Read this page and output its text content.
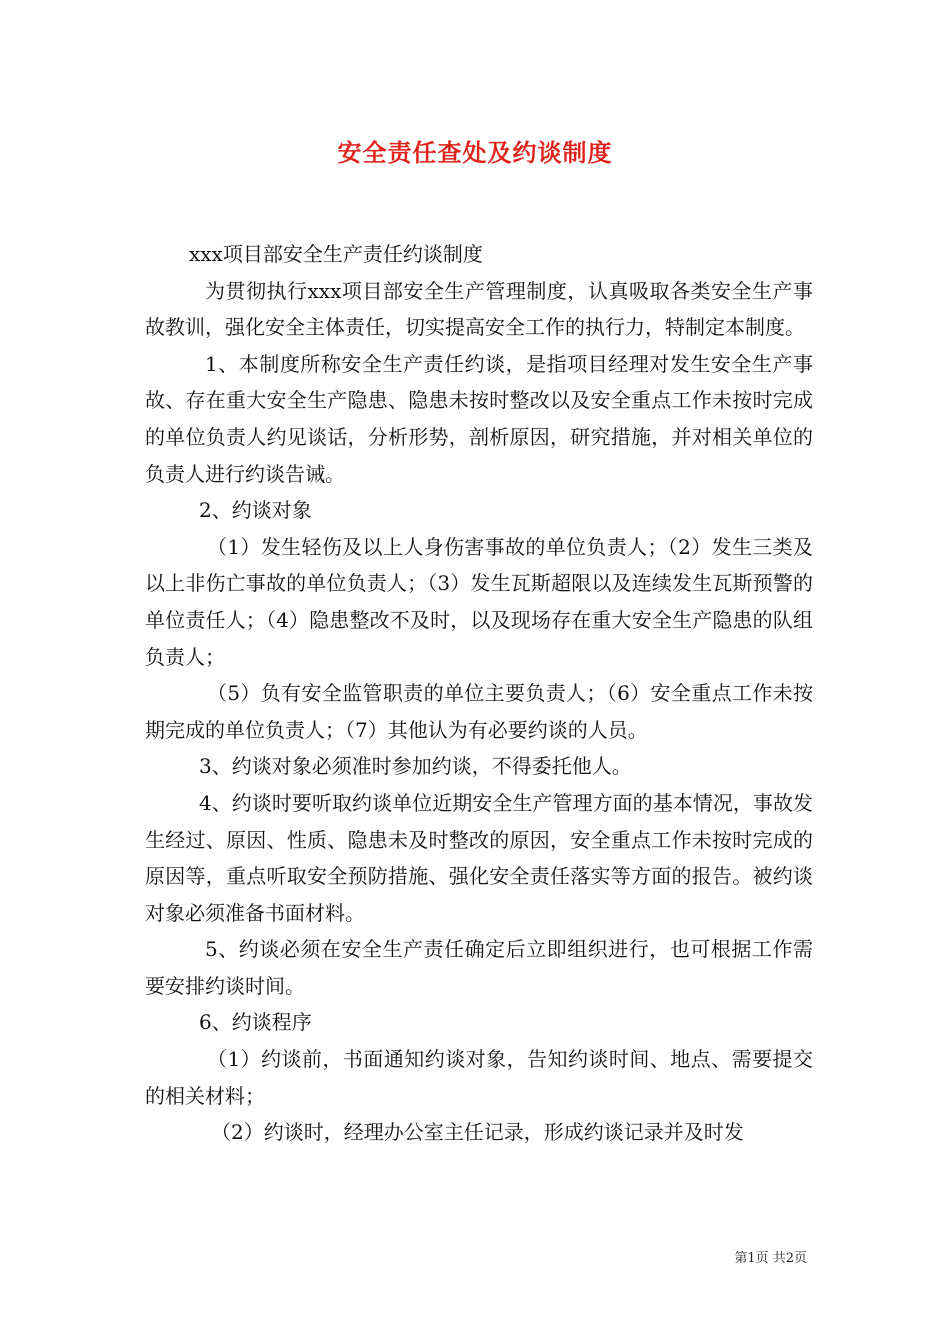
安全责任查处及约谈制度

xxx项目部安全生产责任约谈制度

为贯彻执行xxx项目部安全生产管理制度，认真吸取各类安全生产事故教训，强化安全主体责任，切实提高安全工作的执行力，特制定本制度。

1、本制度所称安全生产责任约谈，是指项目经理对发生安全生产事故、存在重大安全生产隐患、隐患未按时整改以及安全重点工作未按时完成的单位负责人约见谈话，分析形势，剖析原因，研究措施，并对相关单位的负责人进行约谈告诫。

2、约谈对象

（1）发生轻伤及以上人身伤害事故的单位负责人；（2）发生三类及以上非伤亡事故的单位负责人；（3）发生瓦斯超限以及连续发生瓦斯预警的单位责任人；（4）隐患整改不及时，以及现场存在重大安全生产隐患的队组负责人；

（5）负有安全监管职责的单位主要负责人；（6）安全重点工作未按期完成的单位负责人；（7）其他认为有必要约谈的人员。

3、约谈对象必须准时参加约谈，不得委托他人。

4、约谈时要听取约谈单位近期安全生产管理方面的基本情况，事故发生经过、原因、性质、隐患未及时整改的原因，安全重点工作未按时完成的原因等，重点听取安全预防措施、强化安全责任落实等方面的报告。被约谈对象必须准备书面材料。

5、约谈必须在安全生产责任确定后立即组织进行，也可根据工作需要安排约谈时间。

6、约谈程序

（1）约谈前，书面通知约谈对象，告知约谈时间、地点、需要提交的相关材料；

（2）约谈时，经理办公室主任记录，形成约谈记录并及时发

第1页 共2页
